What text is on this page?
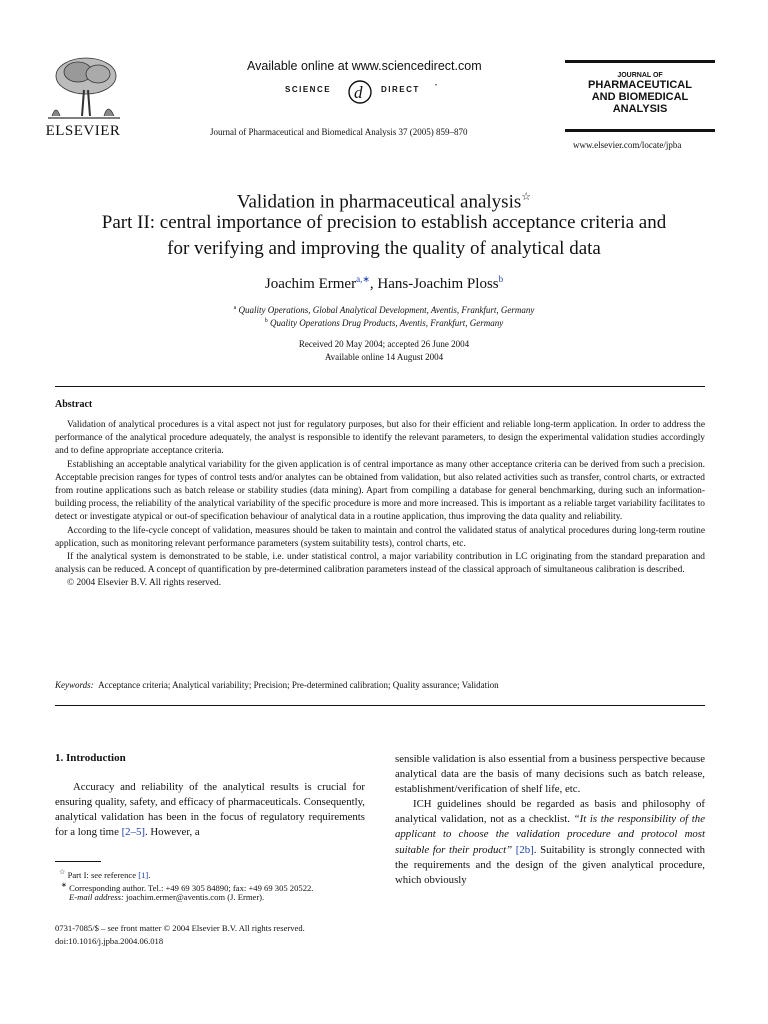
ELSEVIER
Available online at www.sciencedirect.com
SCIENCE d DIRECT	•
Journal of Pharmaceutical and Biomedical Analysis 37 (2005) 859–870
JOURNAL OF
PHARMACEUTICAL
AND BIOMEDICAL
ANALYSIS
www.elsevier.com/locate/jpba
Validation in pharmaceutical analysis☆
Part II: central importance of precision to establish acceptance criteria and
for verifying and improving the quality of analytical data
Joachim Ermer$^{a,∗}$, Hans-Joachim Ploss$^b$
$^a$ Quality Operations, Global Analytical Development, Aventis, Frankfurt, Germany
$^b$ Quality Operations Drug Products, Aventis, Frankfurt, Germany
Received 20 May 2004; accepted 26 June 2004
Available online 14 August 2004
Abstract

Validation of analytical procedures is a vital aspect not just for regulatory purposes, but also for their efficient and reliable long-term application. In order to address the performance of the analytical procedure adequately, the analyst is responsible to identify the relevant parameters, to design the experimental validation studies accordingly and to define appropriate acceptance criteria.

Establishing an acceptable analytical variability for the given application is of central importance as many other acceptance criteria can be derived from such a precision. Acceptable precision ranges for types of control tests and/or analytes can be obtained from validation, but also related activities such as transfer, control charts, or extracted from routine applications such as batch release or stability studies (data mining). Apart from compiling a database for general benchmarking, during such an information-building process, the reliability of the analytical variability of the specific procedure is more and more increased. This is important as a reliable target variability facilitates to detect or investigate atypical or out-of specification behaviour of analytical data in a routine application, thus improving the data quality and reliability.

According to the life-cycle concept of validation, measures should be taken to maintain and control the validated status of analytical procedures during long-term routine application, such as monitoring relevant performance parameters (system suitability tests), control charts, etc.

If the analytical system is demonstrated to be stable, i.e. under statistical control, a major variability contribution in LC originating from the standard preparation and analysis can be reduced. A concept of quantification by pre-determined calibration parameters instead of the classical approach of simultaneous calibration is described.

© 2004 Elsevier B.V. All rights reserved.

Keywords: Acceptance criteria; Analytical variability; Precision; Pre-determined calibration; Quality assurance; Validation
1. Introduction

Accuracy and reliability of the analytical results is crucial for ensuring quality, safety, and efficacy of pharmaceuticals. Consequently, analytical validation has been in the focus of regulatory requirements for a long time [2–5]. However, a

☆ Part I: see reference [1].
∗ Corresponding author. Tel.: +49 69 305 84890; fax: +49 69 305 20522.
E-mail address: joachim.ermer@aventis.com (J. Ermer).
0731-7085/$ – see front matter © 2004 Elsevier B.V. All rights reserved.
doi:10.1016/j.jpba.2004.06.018

sensible validation is also essential from a business perspective because analytical data are the basis of many decisions such as batch release, establishment/verification of shelf life, etc.

ICH guidelines should be regarded as basis and philosophy of analytical validation, not as a checklist. “It is the responsibility of the applicant to choose the validation procedure and protocol most suitable for their product” [2b]. Suitability is strongly connected with the requirements and the design of the given analytical procedure, which obviously
